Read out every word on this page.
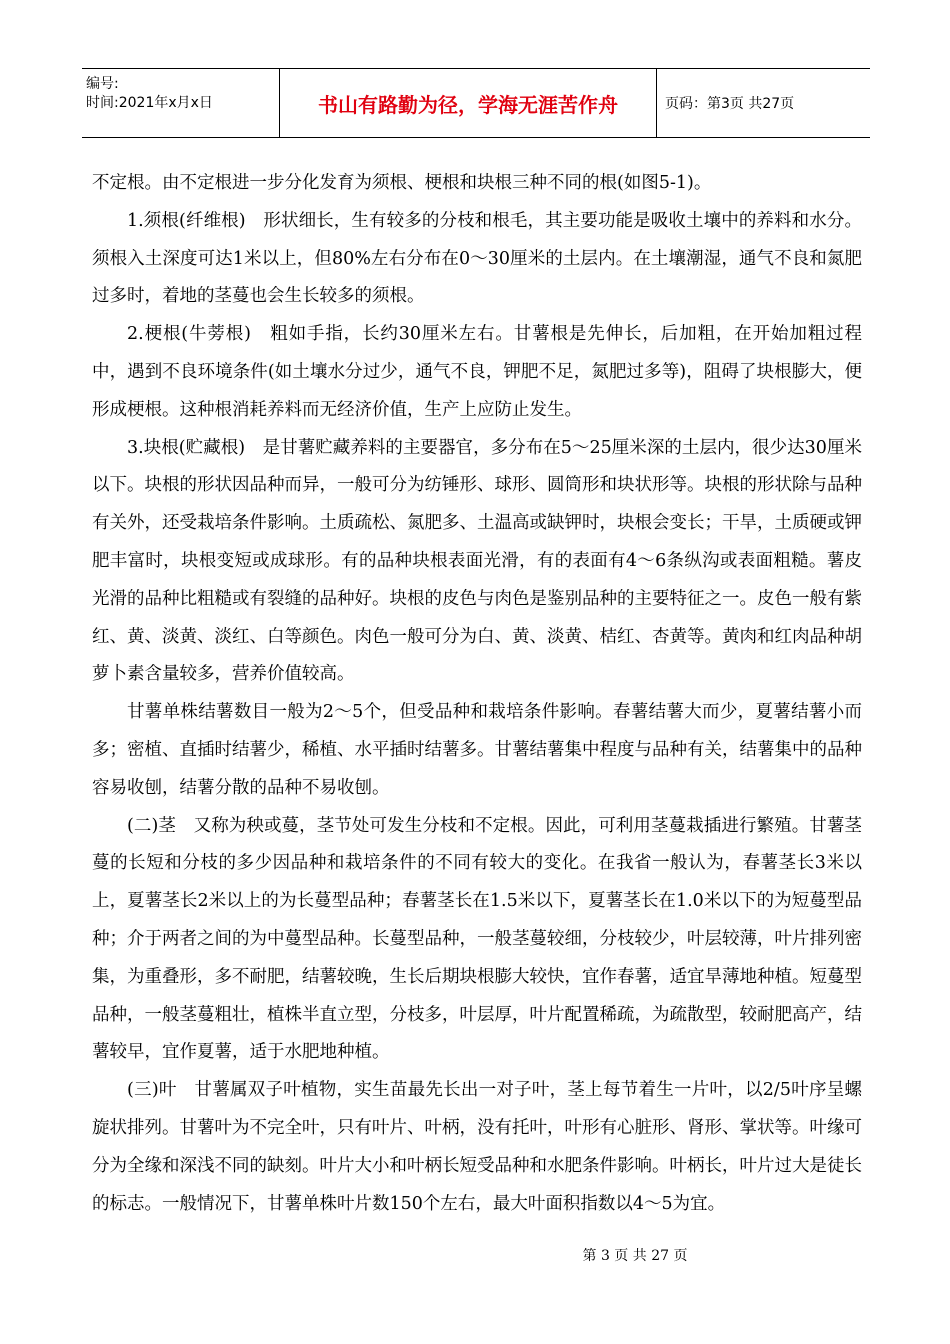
编号:
时间:2021年x月x日	书山有路勤为径，学海无涯苦作舟	页码：第3页 共27页

不定根。由不定根进一步分化发育为须根、梗根和块根三种不同的根(如图5-1)。

1.须根(纤维根)　形状细长，生有较多的分枝和根毛，其主要功能是吸收土壤中的养料和水分。须根入土深度可达1米以上，但80%左右分布在0～30厘米的土层内。在土壤潮湿，通气不良和氮肥过多时，着地的茎蔓也会生长较多的须根。

2.梗根(牛蒡根)　粗如手指，长约30厘米左右。甘薯根是先伸长，后加粗，在开始加粗过程中，遇到不良环境条件(如土壤水分过少，通气不良，钾肥不足，氮肥过多等)，阻碍了块根膨大，便形成梗根。这种根消耗养料而无经济价值，生产上应防止发生。

3.块根(贮藏根)　是甘薯贮藏养料的主要器官，多分布在5～25厘米深的土层内，很少达30厘米以下。块根的形状因品种而异，一般可分为纺锤形、球形、圆筒形和块状形等。块根的形状除与品种有关外，还受栽培条件影响。土质疏松、氮肥多、土温高或缺钾时，块根会变长；干旱，土质硬或钾肥丰富时，块根变短或成球形。有的品种块根表面光滑，有的表面有4～6条纵沟或表面粗糙。薯皮光滑的品种比粗糙或有裂缝的品种好。块根的皮色与肉色是鉴别品种的主要特征之一。皮色一般有紫红、黄、淡黄、淡红、白等颜色。肉色一般可分为白、黄、淡黄、桔红、杏黄等。黄肉和红肉品种胡萝卜素含量较多，营养价值较高。

甘薯单株结薯数目一般为2～5个，但受品种和栽培条件影响。春薯结薯大而少，夏薯结薯小而多；密植、直插时结薯少，稀植、水平插时结薯多。甘薯结薯集中程度与品种有关，结薯集中的品种容易收刨，结薯分散的品种不易收刨。

(二)茎　又称为秧或蔓，茎节处可发生分枝和不定根。因此，可利用茎蔓栽插进行繁殖。甘薯茎蔓的长短和分枝的多少因品种和栽培条件的不同有较大的变化。在我省一般认为，春薯茎长3米以上，夏薯茎长2米以上的为长蔓型品种；春薯茎长在1.5米以下，夏薯茎长在1.0米以下的为短蔓型品种；介于两者之间的为中蔓型品种。长蔓型品种，一般茎蔓较细，分枝较少，叶层较薄，叶片排列密集，为重叠形，多不耐肥，结薯较晚，生长后期块根膨大较快，宜作春薯，适宜旱薄地种植。短蔓型品种，一般茎蔓粗壮，植株半直立型，分枝多，叶层厚，叶片配置稀疏，为疏散型，较耐肥高产，结薯较早，宜作夏薯，适于水肥地种植。

(三)叶　甘薯属双子叶植物，实生苗最先长出一对子叶，茎上每节着生一片叶，以2/5叶序呈螺旋状排列。甘薯叶为不完全叶，只有叶片、叶柄，没有托叶，叶形有心脏形、肾形、掌状等。叶缘可分为全缘和深浅不同的缺刻。叶片大小和叶柄长短受品种和水肥条件影响。叶柄长，叶片过大是徒长的标志。一般情况下，甘薯单株叶片数150个左右，最大叶面积指数以4～5为宜。

第 3 页 共 27 页
